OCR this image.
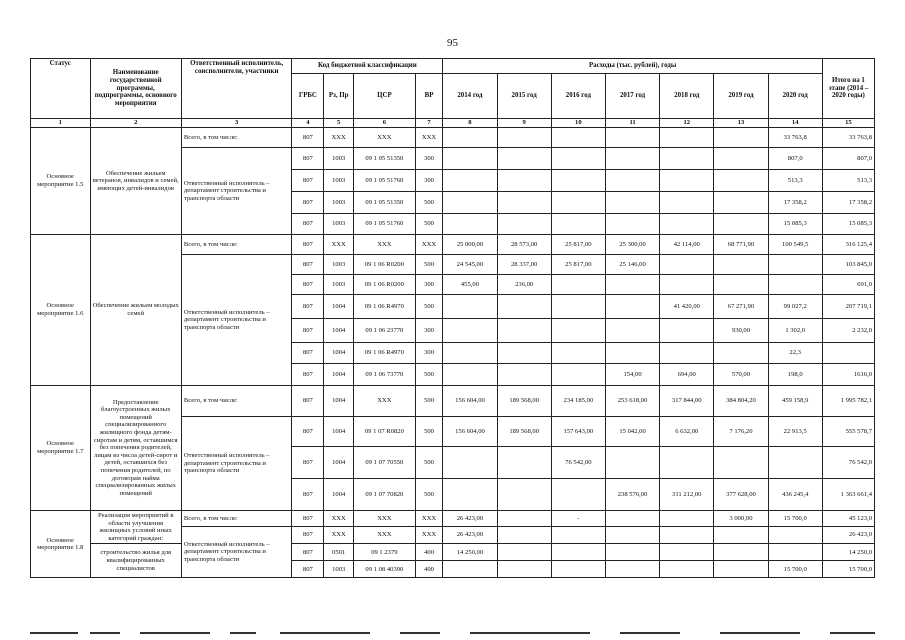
95
Статус	Наименование государственной программы, подпрограммы, основного мероприятия	Ответственный исполнитель, соисполнители, участники	Код бюджетной классификации				Расходы (тыс. рублей), годы							Итого на 1 этапе (2014 – 2020 годы)
			ГРБС	Рз, Пр	ЦСР	ВР	2014 год	2015 год	2016 год	2017 год	2018 год	2019 год	2020 год	
1	2	3	4	5	6	7	8	9	10	11	12	13	14	15
Основное мероприятие 1.5	Обеспечение жильем ветеранов, инвалидов и семей, имеющих детей-инвалидов	Всего, в том числе:	807	XXX	XXX	XXX							33 763,8	33 763,8
		Ответственный исполнитель – департамент строительства и транспорта области	807	1003	09 1 05 51350	300							807,0	807,0
			807	1003	09 1 05 51760	300							513,3	513,3
			807	1003	09 1 05 51350	500							17 358,2	17 358,2
			807	1003	09 1 05 51760	500							15 085,3	15 085,3
Основное мероприятие 1.6	Обеспечение жильем молодых семей	Всего, в том числе:	807	XXX	XXX	XXX	25 000,00	28 573,00	25 817,00	25 300,00	42 114,00	68 771,90	100 549,5	316 125,4
		Ответственный исполнитель – департамент строительства и транспорта области	807	1003	09 1 06 R0200	500	24 545,00	28 337,00	25 817,00	25 146,00				103 845,0
			807	1003	09 1 06 R0200	300	455,00	236,00						691,0
			807	1004	09 1 06 R4970	500					41 420,00	67 271,90	99 027,2	207 719,1
			807	1004	09 1 06 23770	300						930,00	1 302,0	2 232,0
			807	1004	09 1 06 R4970	300							22,3	
			807	1004	09 1 06 73770	500				154,00	694,00	570,00	198,0	1616,0
Основное мероприятие 1.7	Предоставление благоустроенных жилых помещений специализированного жилищного фонда детям-сиротам и детям, оставшимся без попечения родителей, лицам из числа детей-сирот и детей, оставшихся без попечения родителей, по договорам найма специализированных жилых помещений	Всего, в том числе:	807	1004	XXX	500	156 604,00	189 568,00	234 185,00	253 618,00	317 844,00	384 804,20	459 158,9	1 995 782,1
		Ответственный исполнитель – департамент строительства и транспорта области	807	1004	09 1 07 R0820	500	156 604,00	189 568,00	157 643,00	15 042,00	6 632,00	7 176,20	22 913,5	555 578,7
			807	1004	09 1 07 70550	500			76 542,00					76 542,0
			807	1004	09 1 07 70820	500				238 576,00	311 212,00	377 628,00	436 245,4	1 363 661,4
Основное мероприятие 1.8	Реализация мероприятий в области улучшения жилищных условий иных категорий граждан:	Всего, в том числе:	807	XXX	XXX	XXX	26 423,00		-			3 000,00	15 700,0	45 123,0
		Ответственный исполнитель – департамент строительства и транспорта области	807	XXX	XXX	XXX	26 423,00							26 423,0
	строительство жилья для квалифицированных специалистов		807	0501	09 1 2379	400	14 250,00							14 250,0
			807	1003	09 1 08 40390	400							15 700,0	15 700,0
